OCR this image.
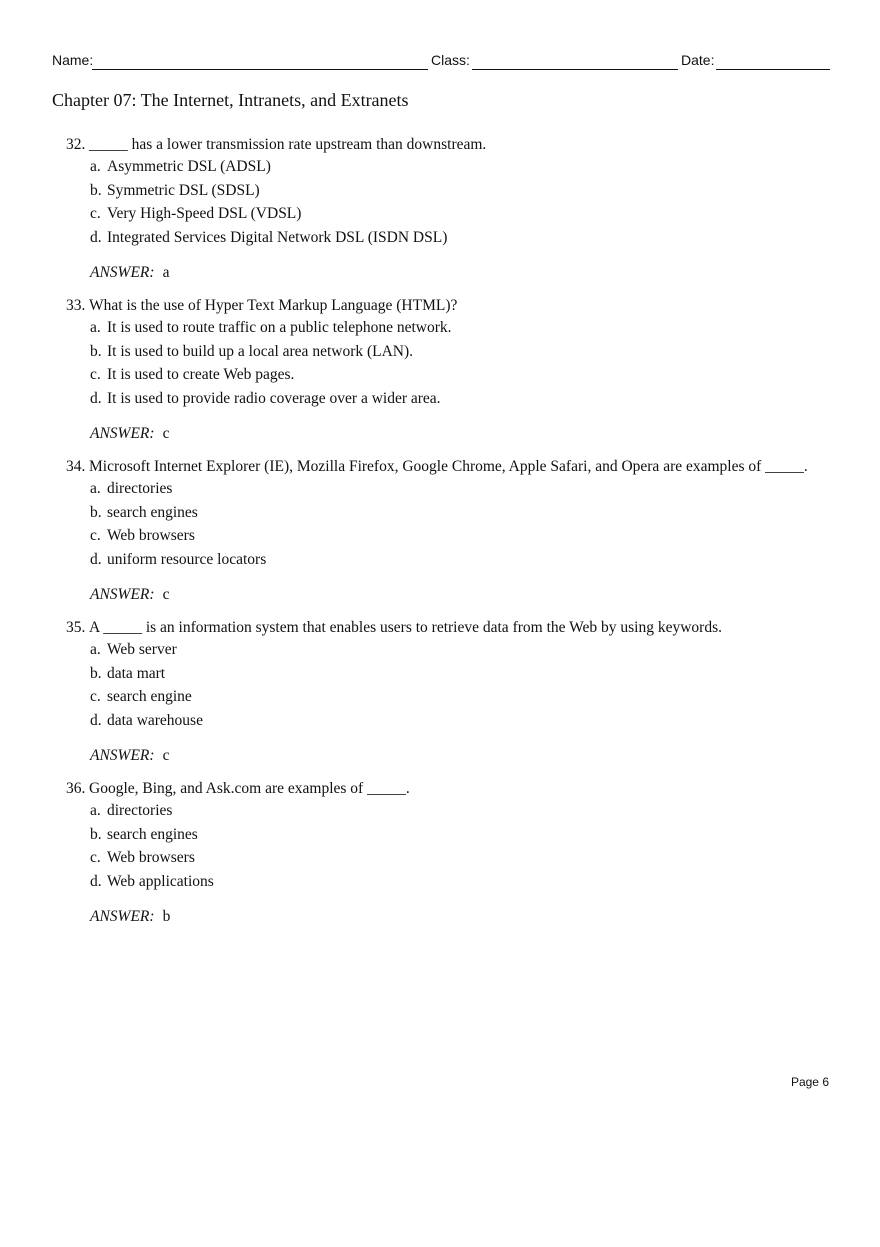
Name:	Class:	Date:
Chapter 07: The Internet, Intranets, and Extranets
32. _____ has a lower transmission rate upstream than downstream.
a. Asymmetric DSL (ADSL)
b. Symmetric DSL (SDSL)
c. Very High-Speed DSL (VDSL)
d. Integrated Services Digital Network DSL (ISDN DSL)
ANSWER: a
33. What is the use of Hyper Text Markup Language (HTML)?
a. It is used to route traffic on a public telephone network.
b. It is used to build up a local area network (LAN).
c. It is used to create Web pages.
d. It is used to provide radio coverage over a wider area.
ANSWER: c
34. Microsoft Internet Explorer (IE), Mozilla Firefox, Google Chrome, Apple Safari, and Opera are examples of _____.
a. directories
b. search engines
c. Web browsers
d. uniform resource locators
ANSWER: c
35. A _____ is an information system that enables users to retrieve data from the Web by using keywords.
a. Web server
b. data mart
c. search engine
d. data warehouse
ANSWER: c
36. Google, Bing, and Ask.com are examples of _____.
a. directories
b. search engines
c. Web browsers
d. Web applications
ANSWER: b
Page 6
